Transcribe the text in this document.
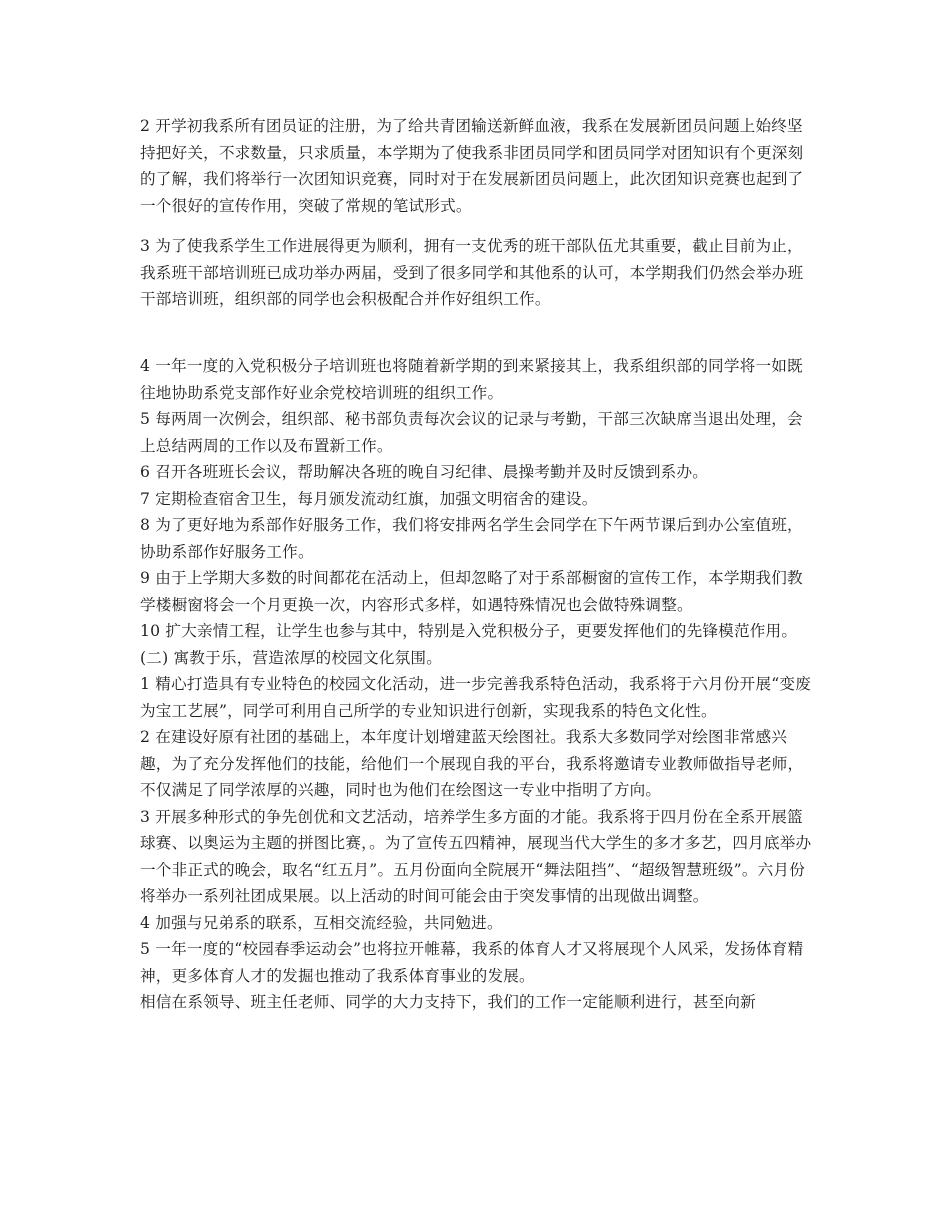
2 开学初我系所有团员证的注册，为了给共青团输送新鲜血液，我系在发展新团员问题上始终坚持把好关，不求数量，只求质量，本学期为了使我系非团员同学和团员同学对团知识有个更深刻的了解，我们将举行一次团知识竞赛，同时对于在发展新团员问题上，此次团知识竞赛也起到了一个很好的宣传作用，突破了常规的笔试形式。

3 为了使我系学生工作进展得更为顺利，拥有一支优秀的班干部队伍尤其重要，截止目前为止，我系班干部培训班已成功举办两届，受到了很多同学和其他系的认可，本学期我们仍然会举办班干部培训班，组织部的同学也会积极配合并作好组织工作。

4 一年一度的入党积极分子培训班也将随着新学期的到来紧接其上，我系组织部的同学将一如既往地协助系党支部作好业余党校培训班的组织工作。

5 每两周一次例会，组织部、秘书部负责每次会议的记录与考勤，干部三次缺席当退出处理，会上总结两周的工作以及布置新工作。

6 召开各班班长会议，帮助解决各班的晚自习纪律、晨操考勤并及时反馈到系办。

7 定期检查宿舍卫生，每月颁发流动红旗，加强文明宿舍的建设。

8 为了更好地为系部作好服务工作，我们将安排两名学生会同学在下午两节课后到办公室值班，协助系部作好服务工作。

9 由于上学期大多数的时间都花在活动上，但却忽略了对于系部橱窗的宣传工作，本学期我们教学楼橱窗将会一个月更换一次，内容形式多样，如遇特殊情况也会做特殊调整。

10 扩大亲情工程，让学生也参与其中，特别是入党积极分子，更要发挥他们的先锋模范作用。

(二) 寓教于乐，营造浓厚的校园文化氛围。

1 精心打造具有专业特色的校园文化活动，进一步完善我系特色活动，我系将于六月份开展“变废为宝工艺展”，同学可利用自己所学的专业知识进行创新，实现我系的特色文化性。

2 在建设好原有社团的基础上，本年度计划增建蓝天绘图社。我系大多数同学对绘图非常感兴趣，为了充分发挥他们的技能，给他们一个展现自我的平台，我系将邀请专业教师做指导老师，不仅满足了同学浓厚的兴趣，同时也为他们在绘图这一专业中指明了方向。

3 开展多种形式的争先创优和文艺活动，培养学生多方面的才能。我系将于四月份在全系开展篮球赛、以奥运为主题的拼图比赛，。为了宣传五四精神，展现当代大学生的多才多艺，四月底举办一个非正式的晚会，取名“红五月”。五月份面向全院展开“舞法阻挡”、“超级智慧班级”。六月份将举办一系列社团成果展。以上活动的时间可能会由于突发事情的出现做出调整。

4 加强与兄弟系的联系，互相交流经验，共同勉进。

5 一年一度的“校园春季运动会”也将拉开帷幕，我系的体育人才又将展现个人风采，发扬体育精神，更多体育人才的发掘也推动了我系体育事业的发展。

相信在系领导、班主任老师、同学的大力支持下，我们的工作一定能顺利进行，甚至向新
